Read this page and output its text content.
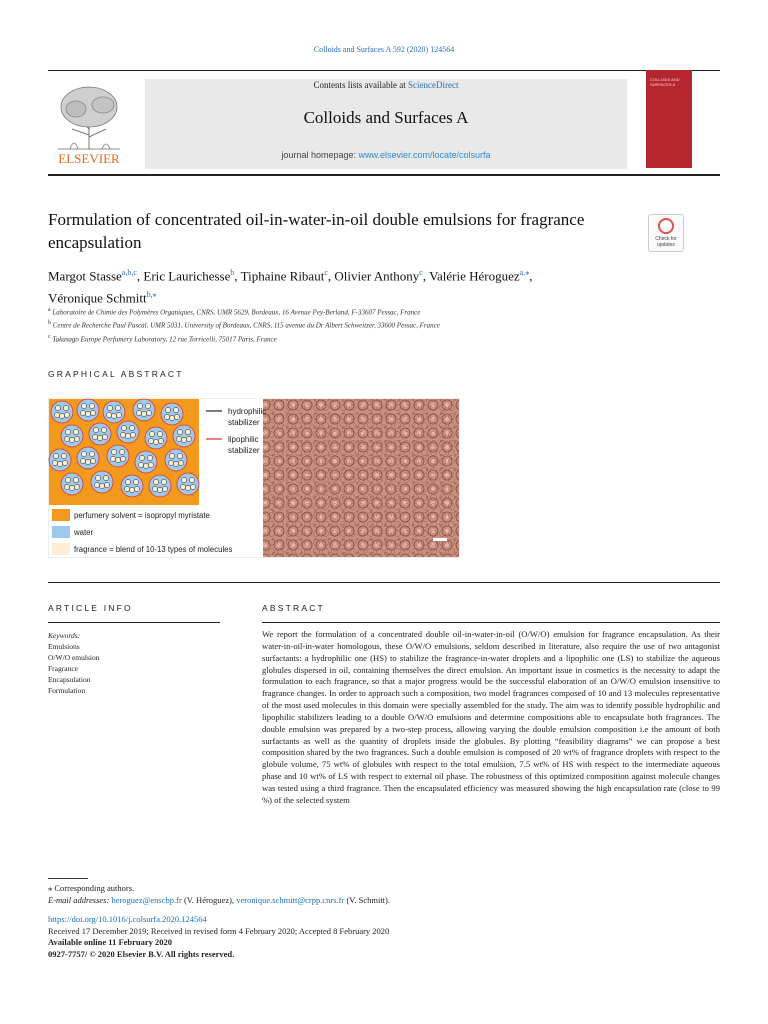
Colloids and Surfaces A 592 (2020) 124564
ELSEVIER
Contents lists available at ScienceDirect
Colloids and Surfaces A
journal homepage: www.elsevier.com/locate/colsurfa
COLLOIDS AND SURFACES A
Formulation of concentrated oil-in-water-in-oil double emulsions for fragrance encapsulation	Check for updates
Margot Stasse$^{a,b,c}$, Eric Laurichesse$^b$, Tiphaine Ribaut$^c$, Olivier Anthony$^c$, Valérie Héroguez$^{a,⁎}$,
Véronique Schmitt$^{b,⁎}$
$^a$ Laboratoire de Chimie des Polymères Organiques, CNRS, UMR 5629, Bordeaux, 16 Avenue Pey-Berland, F-33607 Pessac, France
$^b$ Centre de Recherche Paul Pascal, UMR 5031, University of Bordeaux, CNRS, 115 avenue du Dr Albert Schweitzer, 33600 Pessac, France
$^c$ Takasago Europe Perfumery Laboratory, 12 rue Torricelli, 75017 Paris, France
GRAPHICAL ABSTRACT
hydrophilic stabilizer
lipophilic stabilizer
perfumery solvent = isopropyl myristate
water
fragrance = blend of 10-13 types of molecules
ARTICLE INFO	ABSTRACT
Keywords:
Emulsions
O/W/O emulsion
Fragrance
Encapsulation
Formulation
We report the formulation of a concentrated double oil-in-water-in-oil (O/W/O) emulsion for fragrance encapsulation. As their water-in-oil-in-water homologous, these O/W/O emulsions, seldom described in literature, also require the use of two antagonist surfactants: a hydrophilic one (HS) to stabilize the fragrance-in-water droplets and a lipophilic one (LS) to stabilize the aqueous globules dispersed in oil, containing themselves the direct emulsion. An important issue in cosmetics is the necessity to adapt the formulation to each fragrance, so that a major progress would be the successful elaboration of an O/W/O emulsion insensitive to fragrance changes. In order to approach such a composition, two model fragrances composed of 10 and 13 molecules representative of the most used molecules in this domain were specially assembled for the study. The aim was to identify possible hydrophilic and lipophilic stabilizers leading to a double O/W/O emulsions and determine compositions able to encapsulate both fragrances. The double emulsion was prepared by a two-step process, allowing varying the double emulsion composition i.e the amount of both surfactants as well as the quantity of droplets inside the globules. By plotting “feasibility diagrams” we can propose a best composition shared by the two fragrances. Such a double emulsion is composed of 20 wt% of fragrance droplets with respect to the globule volume, 75 wt% of globules with respect to the total emulsion, 7.5 wt% of HS with respect to the intermediate aqueous phase and 10 wt% of LS with respect to external oil phase. The robustness of this optimized composition against molecule changes was tested using a third fragrance. Then the encapsulated efficiency was measured showing the high encapsulation rate (close to 99 %) of the selected system
⁎ Corresponding authors.
E-mail addresses: heroguez@enscbp.fr (V. Héroguez), veronique.schmitt@crpp.cnrs.fr (V. Schmitt).
https://doi.org/10.1016/j.colsurfa.2020.124564
Received 17 December 2019; Received in revised form 4 February 2020; Accepted 8 February 2020
Available online 11 February 2020
0927-7757/ © 2020 Elsevier B.V. All rights reserved.
